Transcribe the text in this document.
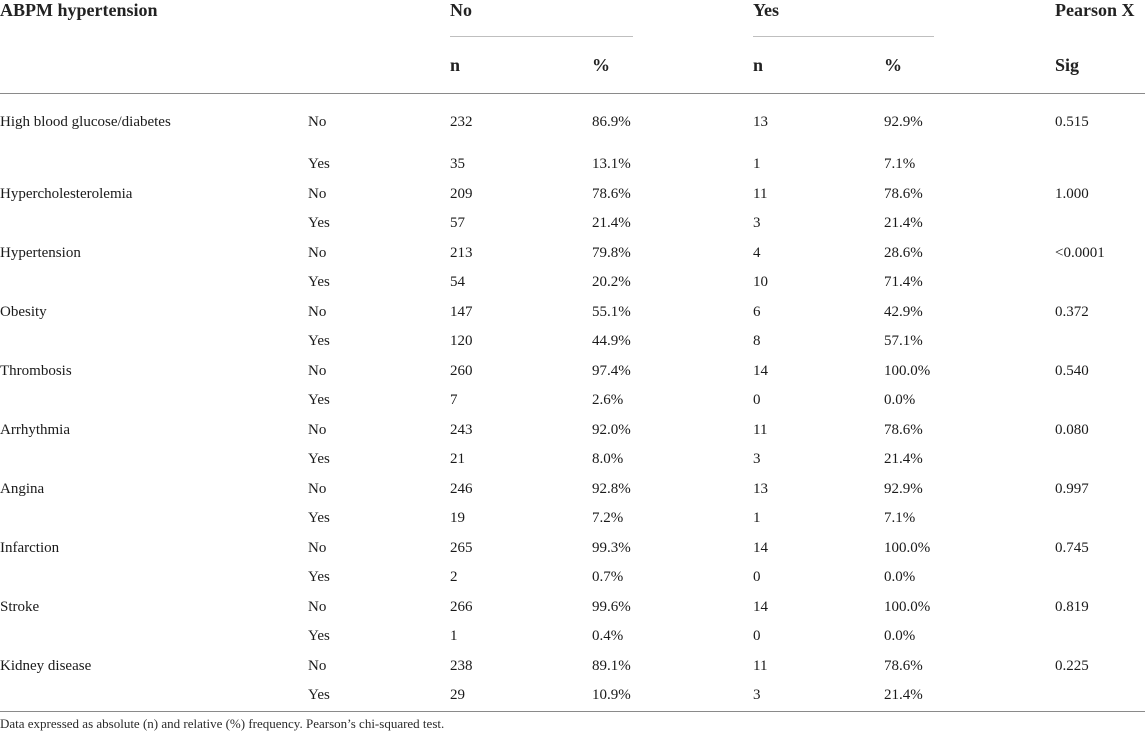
ABPM hypertension		No		Yes		Pearson X
		n	%	n	%	Sig
High blood glucose/diabetes	No	232	86.9%	13	92.9%	0.515
	Yes	35	13.1%	1	7.1%	
Hypercholesterolemia	No	209	78.6%	11	78.6%	1.000
	Yes	57	21.4%	3	21.4%	
Hypertension	No	213	79.8%	4	28.6%	<0.0001
	Yes	54	20.2%	10	71.4%	
Obesity	No	147	55.1%	6	42.9%	0.372
	Yes	120	44.9%	8	57.1%	
Thrombosis	No	260	97.4%	14	100.0%	0.540
	Yes	7	2.6%	0	0.0%	
Arrhythmia	No	243	92.0%	11	78.6%	0.080
	Yes	21	8.0%	3	21.4%	
Angina	No	246	92.8%	13	92.9%	0.997
	Yes	19	7.2%	1	7.1%	
Infarction	No	265	99.3%	14	100.0%	0.745
	Yes	2	0.7%	0	0.0%	
Stroke	No	266	99.6%	14	100.0%	0.819
	Yes	1	0.4%	0	0.0%	
Kidney disease	No	238	89.1%	11	78.6%	0.225
	Yes	29	10.9%	3	21.4%	
Data expressed as absolute (n) and relative (%) frequency. Pearson’s chi-squared test.
